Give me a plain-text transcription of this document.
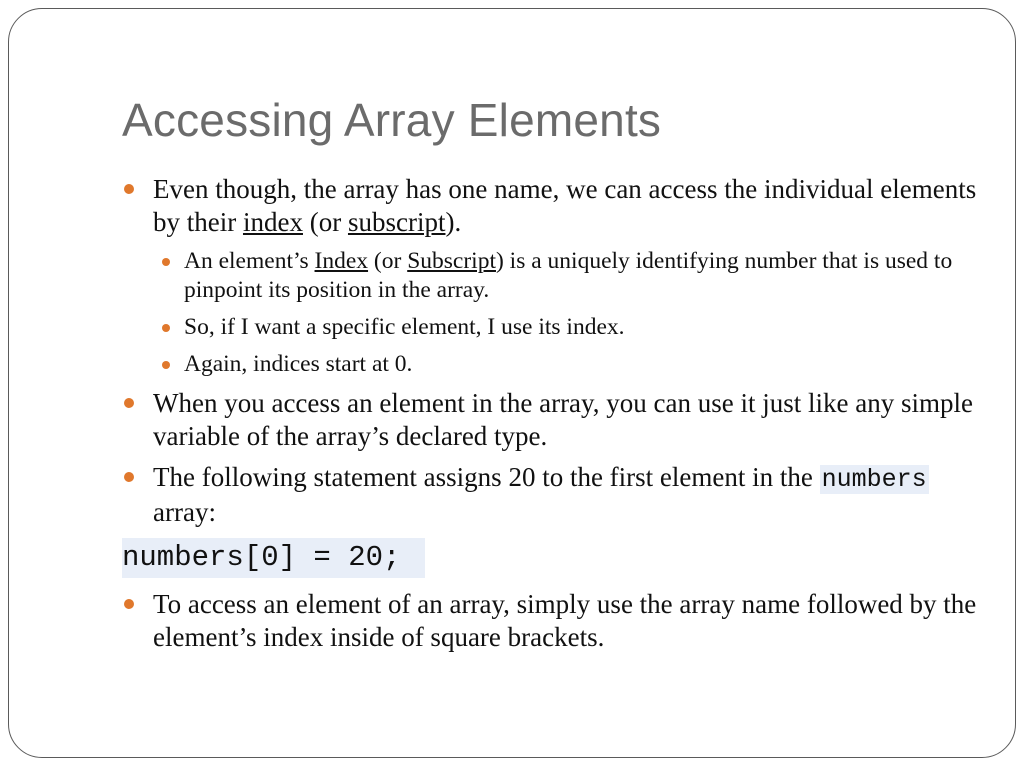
Accessing Array Elements
Even though, the array has one name, we can access the individual elements by their index (or subscript).
An element’s Index (or Subscript) is a uniquely identifying number that is used to pinpoint its position in the array.
So, if I want a specific element, I use its index.
Again, indices start at 0.
When you access an element in the array, you can use it just like any simple variable of the array’s declared type.
The following statement assigns 20 to the first element in the numbers array:
numbers[0] = 20;
To access an element of an array, simply use the array name followed by the element’s index inside of square brackets.
